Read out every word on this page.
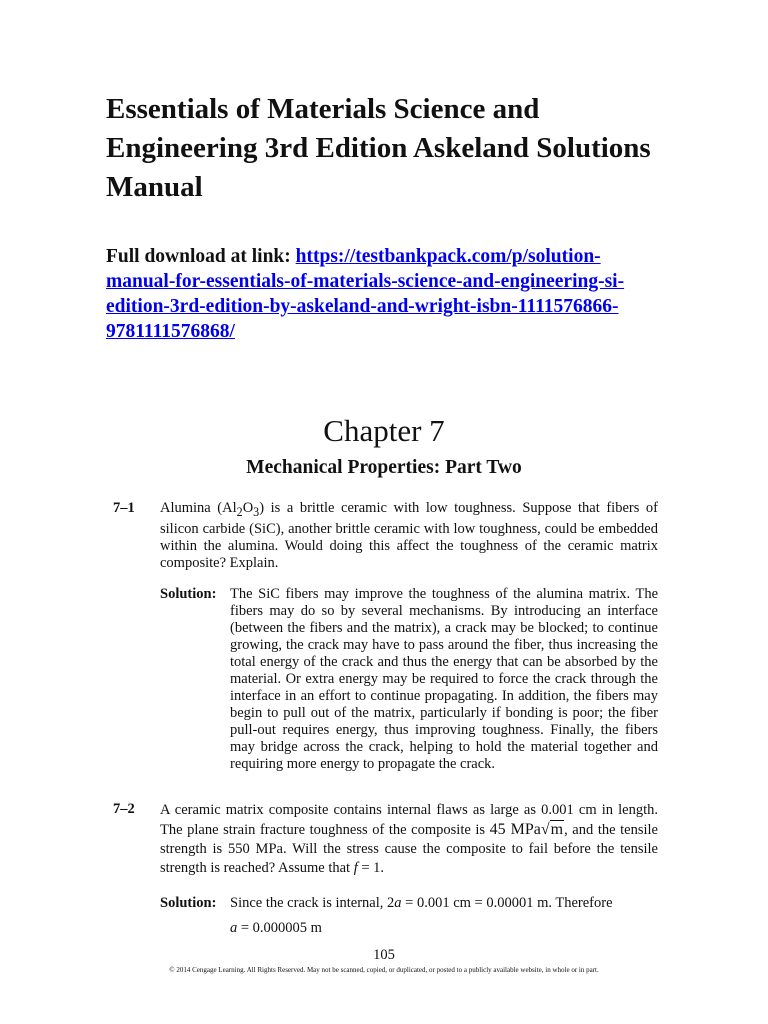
Essentials of Materials Science and Engineering 3rd Edition Askeland Solutions Manual
Full download at link: https://testbankpack.com/p/solution-manual-for-essentials-of-materials-science-and-engineering-si-edition-3rd-edition-by-askeland-and-wright-isbn-1111576866-9781111576868/
Chapter 7
Mechanical Properties: Part Two
7–1 Alumina $(Al_2O_3)$ is a brittle ceramic with low toughness. Suppose that fibers of silicon carbide (SiC), another brittle ceramic with low toughness, could be embedded within the alumina. Would doing this affect the toughness of the ceramic matrix composite? Explain.
Solution: The SiC fibers may improve the toughness of the alumina matrix. The fibers may do so by several mechanisms. By introducing an interface (between the fibers and the matrix), a crack may be blocked; to continue growing, the crack may have to pass around the fiber, thus increasing the total energy of the crack and thus the energy that can be absorbed by the material. Or extra energy may be required to force the crack through the interface in an effort to continue propagating. In addition, the fibers may begin to pull out of the matrix, particularly if bonding is poor; the fiber pull-out requires energy, thus improving toughness. Finally, the fibers may bridge across the crack, helping to hold the material together and requiring more energy to propagate the crack.
7–2 A ceramic matrix composite contains internal flaws as large as 0.001 cm in length. The plane strain fracture toughness of the composite is 45 MPa√m, and the tensile strength is 550 MPa. Will the stress cause the composite to fail before the tensile strength is reached? Assume that f = 1.
Solution: Since the crack is internal, 2a = 0.001 cm = 0.00001 m. Therefore
a = 0.000005 m
105
© 2014 Cengage Learning. All Rights Reserved. May not be scanned, copied, or duplicated, or posted to a publicly available website, in whole or in part.
